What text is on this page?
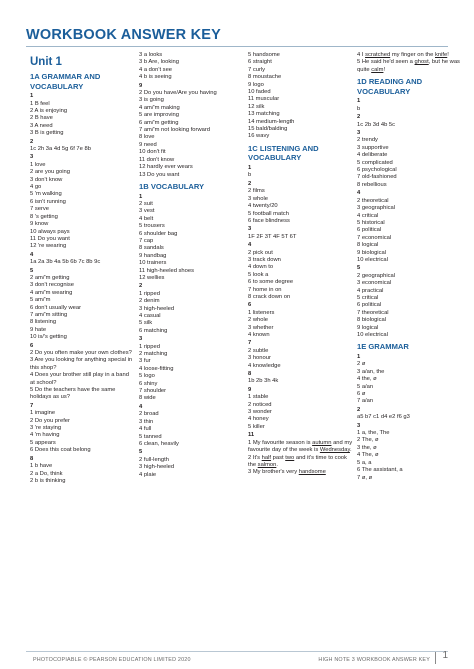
WORKBOOK ANSWER KEY
Unit 1
1A GRAMMAR AND VOCABULARY
1
1 B feel
2 A is enjoying
2 B have
3 A need
3 B is getting
2
1c 2h 3a 4d 5g 6f 7e 8b
3
1 love
2 are you going
3 don't know
4 go
5 'm walking
6 isn't running
7 serve
8 's getting
9 know
10 always pays
11 Do you want
12 're wearing
4
1a 2a 3b 4a 5b 6b 7c 8b 9c
5
2 am/'m getting
3 don't recognise
4 am/'m wearing
5 am/'m
6 don't usually wear
7 am/'m sitting
8 listening
9 hate
10 is/'s getting
6
2 Do you often make your own clothes?
3 Are you looking for anything special in this shop?
4 Does your brother still play in a band at school?
5 Do the teachers have the same holidays as us?
7
1 imagine
2 Do you prefer
3 're staying
4 'm having
5 appears
6 Does this coat belong
8
1 b have
2 a Do, think
2 b is thinking
3 a looks
3 b Are, looking
4 a don't see
4 b is seeing
9
2 Do you have/Are you having
3 is going
4 am/'m making
5 are improving
6 am/'m getting
7 am/'m not looking forward
8 love
9 need
10 don't fit
11 don't know
12 hardly ever wears
13 Do you want
1B VOCABULARY
1
2 suit
3 vest
4 belt
5 trousers
6 shoulder bag
7 cap
8 sandals
9 handbag
10 trainers
11 high-heeled shoes
12 wellies
2
1 ripped
2 denim
3 high-heeled
4 casual
5 silk
6 matching
3
1 ripped
2 matching
3 fur
4 loose-fitting
5 logo
6 shiny
7 shoulder
8 wide
4
2 broad
3 thin
4 full
5 tanned
6 clean, heavily
5
2 full-length
3 high-heeled
4 plaie
5 handsome
6 straight
7 curly
8 moustache
9 logo
10 faded
11 muscular
12 silk
13 matching
14 medium-length
15 bald/balding
16 wavy
1C LISTENING AND VOCABULARY
1
b
2
2 films
3 whole
4 twenty/20
5 football match
6 face blindness
3
1F 2F 3T 4F 5T 6T
4
2 pick out
3 track down
4 down to
5 look a
6 to some degree
7 home in on
8 crack down on
6
1 listeners
2 whole
3 whether
4 known
7
2 subtle
3 honour
4 knowledge
8
1b 2b 3h 4k
9
1 stable
2 noticed
3 wonder
4 honey
5 killer
11
1 My favourite season is autumn and my favourite day of the week is Wednesday.
2 It's half past two and it's time to cook the salmon.
3 My brother's very handsome
4 I scratched my finger on the knife!
5 He said he'd seen a ghost, but he was quite calm!
1D READING AND VOCABULARY
1
b
2
1c 2b 3d 4b 5c
3
2 trendy
3 supportive
4 deliberate
5 complicated
6 psychological
7 old-fashioned
8 rebellious
4
2 theoretical
3 geographical
4 critical
5 historical
6 political
7 economical
8 logical
9 biological
10 electrical
5
2 geographical
3 economical
4 practical
5 critical
6 political
7 theoretical
8 biological
9 logical
10 electrical
1E GRAMMAR
1
2 ø
3 a/an, the
4 the, ø
5 a/an
6 ø
7 a/an
2
a5 b7 c1 d4 e2 f6 g3
3
1 a, the, The
2 The, ø
3 the, ø
4 The, ø
5 a, a
6 The assistant, a
7 ø, ø
PHOTOCOPIABLE © PEARSON EDUCATION LIMITED 2020	HIGH NOTE 3 WORKBOOK ANSWER KEY 1
